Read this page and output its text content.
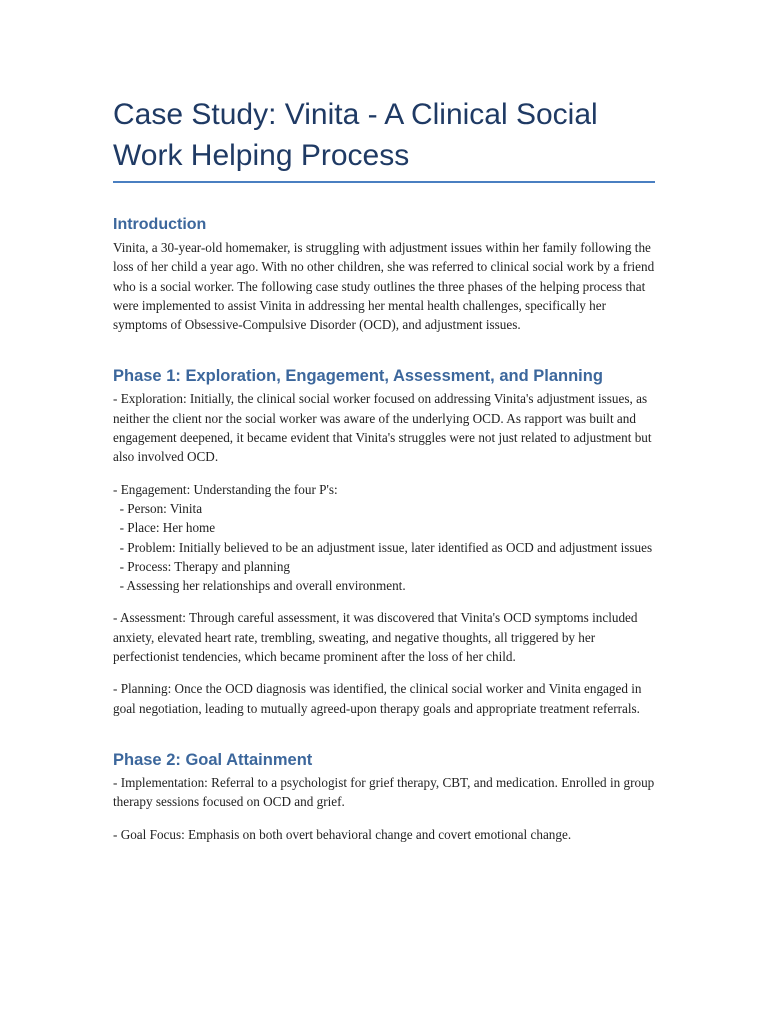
Case Study: Vinita - A Clinical Social
Work Helping Process
Introduction

Vinita, a 30-year-old homemaker, is struggling with adjustment issues within her family following the loss of her child a year ago. With no other children, she was referred to clinical social work by a friend who is a social worker. The following case study outlines the three phases of the helping process that were implemented to assist Vinita in addressing her mental health challenges, specifically her symptoms of Obsessive-Compulsive Disorder (OCD), and adjustment issues.

Phase 1: Exploration, Engagement, Assessment, and Planning

- Exploration: Initially, the clinical social worker focused on addressing Vinita's adjustment issues, as neither the client nor the social worker was aware of the underlying OCD. As rapport was built and engagement deepened, it became evident that Vinita's struggles were not just related to adjustment but also involved OCD.

- Engagement: Understanding the four P's:

- Person: Vinita

- Place: Her home

- Problem: Initially believed to be an adjustment issue, later identified as OCD and adjustment issues

- Process: Therapy and planning

- Assessing her relationships and overall environment.

- Assessment: Through careful assessment, it was discovered that Vinita's OCD symptoms included anxiety, elevated heart rate, trembling, sweating, and negative thoughts, all triggered by her perfectionist tendencies, which became prominent after the loss of her child.

- Planning: Once the OCD diagnosis was identified, the clinical social worker and Vinita engaged in goal negotiation, leading to mutually agreed-upon therapy goals and appropriate treatment referrals.

Phase 2: Goal Attainment

- Implementation: Referral to a psychologist for grief therapy, CBT, and medication. Enrolled in group therapy sessions focused on OCD and grief.

- Goal Focus: Emphasis on both overt behavioral change and covert emotional change.
